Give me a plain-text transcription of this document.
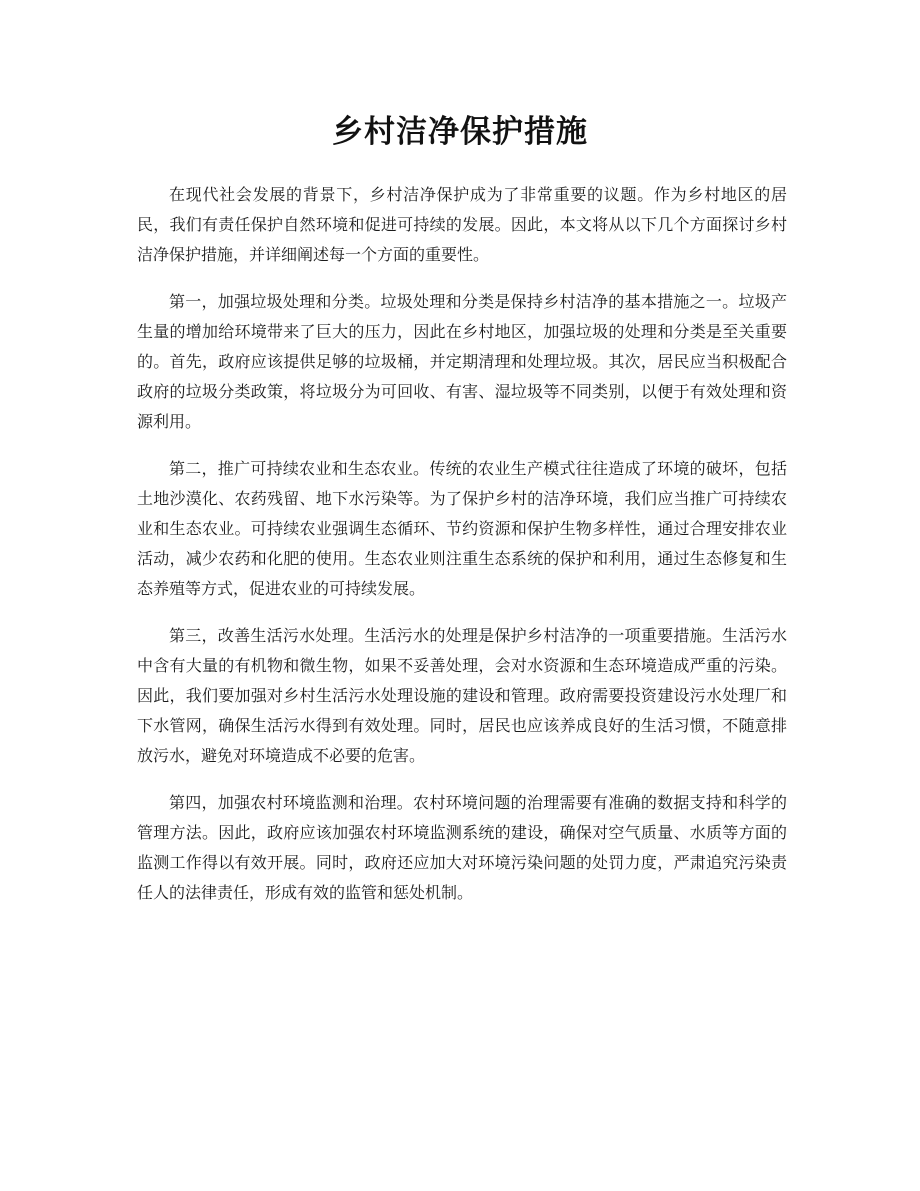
乡村洁净保护措施

在现代社会发展的背景下，乡村洁净保护成为了非常重要的议题。作为乡村地区的居民，我们有责任保护自然环境和促进可持续的发展。因此，本文将从以下几个方面探讨乡村洁净保护措施，并详细阐述每一个方面的重要性。

第一，加强垃圾处理和分类。垃圾处理和分类是保持乡村洁净的基本措施之一。垃圾产生量的增加给环境带来了巨大的压力，因此在乡村地区，加强垃圾的处理和分类是至关重要的。首先，政府应该提供足够的垃圾桶，并定期清理和处理垃圾。其次，居民应当积极配合政府的垃圾分类政策，将垃圾分为可回收、有害、湿垃圾等不同类别，以便于有效处理和资源利用。

第二，推广可持续农业和生态农业。传统的农业生产模式往往造成了环境的破坏，包括土地沙漠化、农药残留、地下水污染等。为了保护乡村的洁净环境，我们应当推广可持续农业和生态农业。可持续农业强调生态循环、节约资源和保护生物多样性，通过合理安排农业活动，减少农药和化肥的使用。生态农业则注重生态系统的保护和利用，通过生态修复和生态养殖等方式，促进农业的可持续发展。

第三，改善生活污水处理。生活污水的处理是保护乡村洁净的一项重要措施。生活污水中含有大量的有机物和微生物，如果不妥善处理，会对水资源和生态环境造成严重的污染。因此，我们要加强对乡村生活污水处理设施的建设和管理。政府需要投资建设污水处理厂和下水管网，确保生活污水得到有效处理。同时，居民也应该养成良好的生活习惯，不随意排放污水，避免对环境造成不必要的危害。

第四，加强农村环境监测和治理。农村环境问题的治理需要有准确的数据支持和科学的管理方法。因此，政府应该加强农村环境监测系统的建设，确保对空气质量、水质等方面的监测工作得以有效开展。同时，政府还应加大对环境污染问题的处罚力度，严肃追究污染责任人的法律责任，形成有效的监管和惩处机制。
